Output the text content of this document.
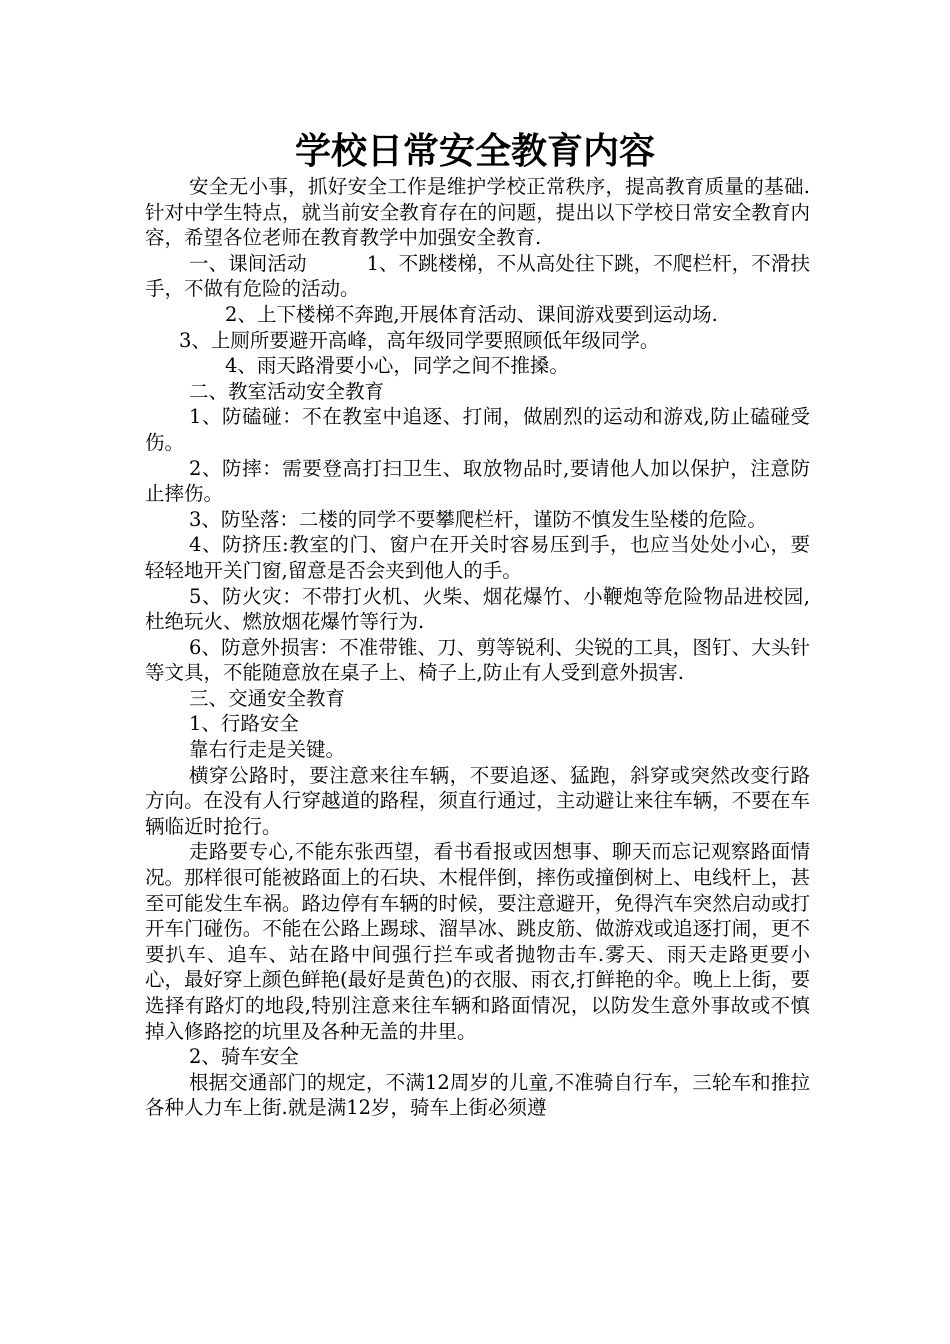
学校日常安全教育内容

安全无小事，抓好安全工作是维护学校正常秩序，提高教育质量的基础.针对中学生特点，就当前安全教育存在的问题，提出以下学校日常安全教育内容，希望各位老师在教育教学中加强安全教育.

一、课间活动	1、不跳楼梯，不从高处往下跳，不爬栏杆，不滑扶手，不做有危险的活动。

2、上下楼梯不奔跑,开展体育活动、课间游戏要到运动场.

3、上厕所要避开高峰，高年级同学要照顾低年级同学。

4、雨天路滑要小心，同学之间不推搡。

二、教室活动安全教育

1、防磕碰：不在教室中追逐、打闹，做剧烈的运动和游戏,防止磕碰受伤。

2、防摔：需要登高打扫卫生、取放物品时,要请他人加以保护，注意防止摔伤。

3、防坠落：二楼的同学不要攀爬栏杆，谨防不慎发生坠楼的危险。

4、防挤压:教室的门、窗户在开关时容易压到手，也应当处处小心，要轻轻地开关门窗,留意是否会夹到他人的手。

5、防火灾：不带打火机、火柴、烟花爆竹、小鞭炮等危险物品进校园,杜绝玩火、燃放烟花爆竹等行为.

6、防意外损害：不准带锥、刀、剪等锐利、尖锐的工具，图钉、大头针等文具，不能随意放在桌子上、椅子上,防止有人受到意外损害.

三、交通安全教育

1、行路安全

靠右行走是关键。

横穿公路时，要注意来往车辆，不要追逐、猛跑，斜穿或突然改变行路方向。在没有人行穿越道的路程，须直行通过，主动避让来往车辆，不要在车辆临近时抢行。

走路要专心,不能东张西望，看书看报或因想事、聊天而忘记观察路面情况。那样很可能被路面上的石块、木棍伴倒，摔伤或撞倒树上、电线杆上，甚至可能发生车祸。路边停有车辆的时候，要注意避开，免得汽车突然启动或打开车门碰伤。不能在公路上踢球、溜旱冰、跳皮筋、做游戏或追逐打闹，更不要扒车、追车、站在路中间强行拦车或者抛物击车.雾天、雨天走路更要小心，最好穿上颜色鲜艳(最好是黄色)的衣服、雨衣,打鲜艳的伞。晚上上街，要选择有路灯的地段,特别注意来往车辆和路面情况，以防发生意外事故或不慎掉入修路挖的坑里及各种无盖的井里。

2、骑车安全

根据交通部门的规定，不满12周岁的儿童,不准骑自行车，三轮车和推拉各种人力车上街.就是满12岁，骑车上街必须遵
